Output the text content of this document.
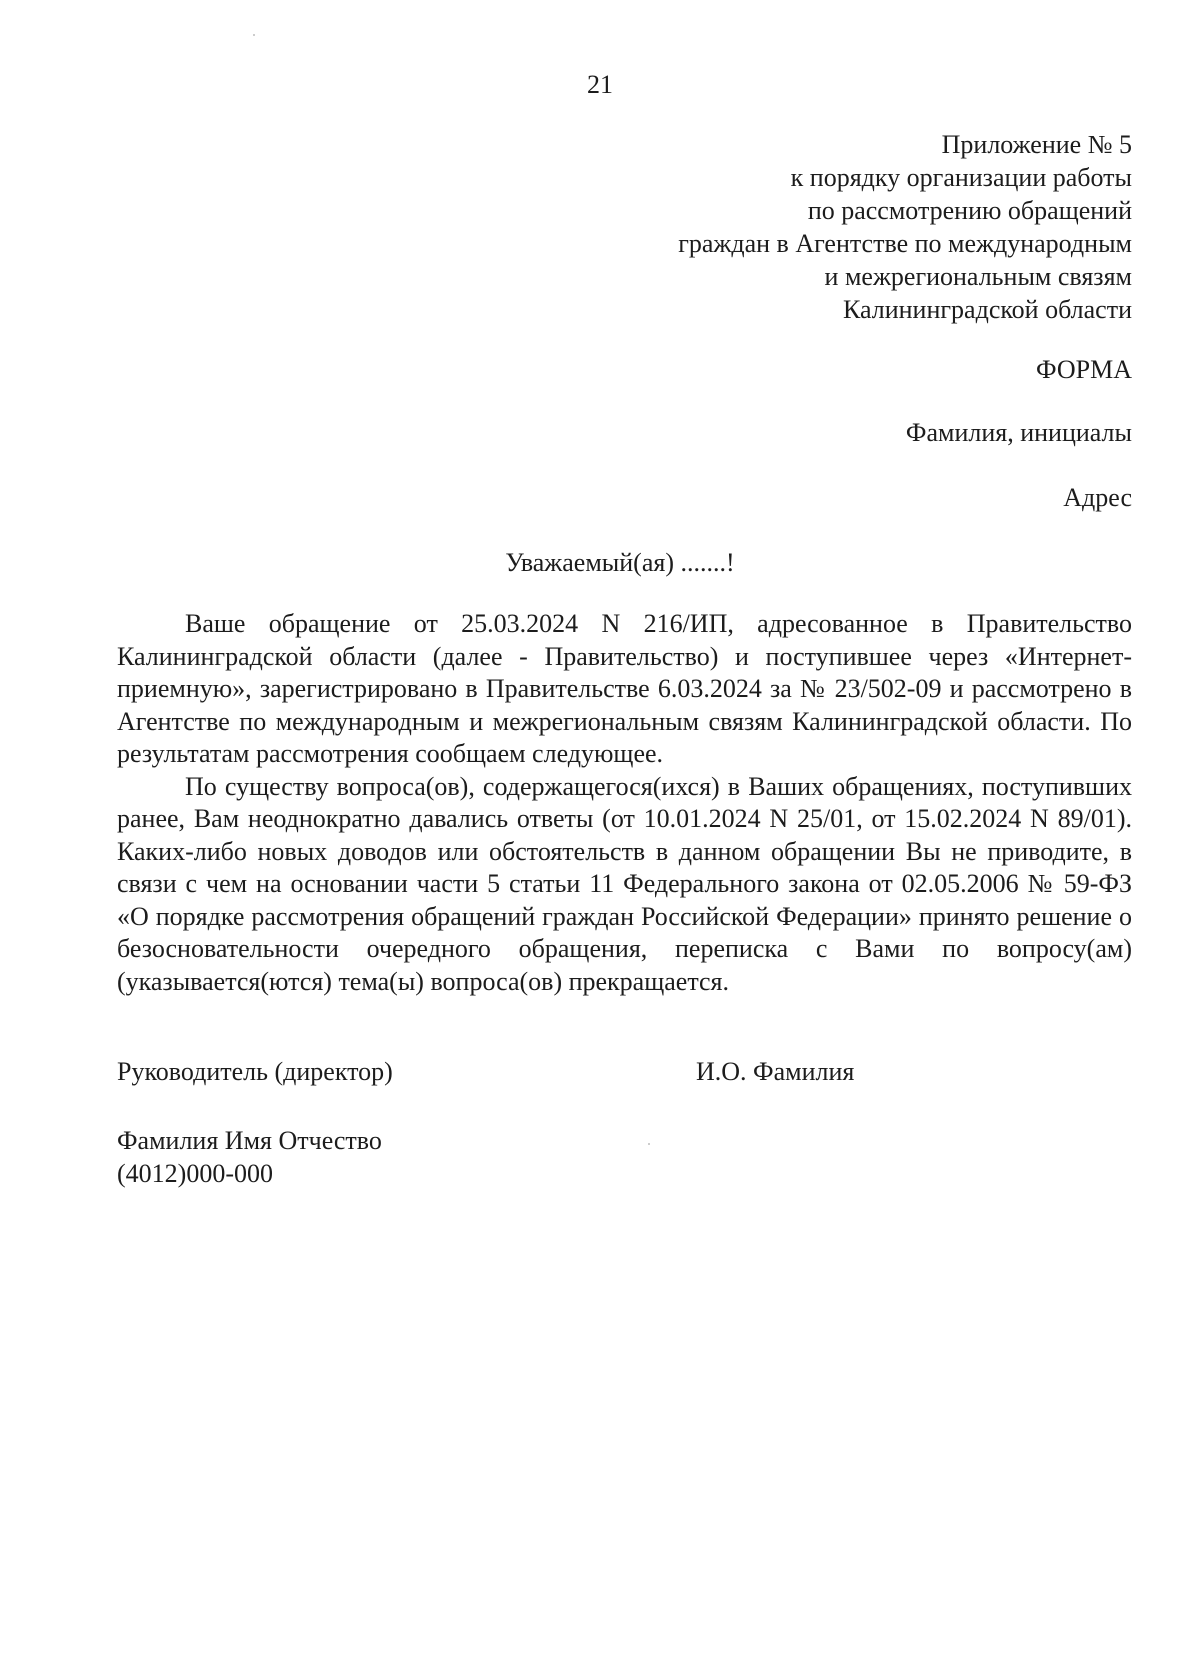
21
Приложение № 5
к порядку организации работы
по рассмотрению обращений
граждан в Агентстве по международным
и межрегиональным связям
Калининградской области
ФОРМА
Фамилия, инициалы
Адрес
Уважаемый(ая) .......!

Ваше обращение от 25.03.2024 N 216/ИП, адресованное в Правительство Калининградской области (далее - Правительство) и поступившее через «Интернет-приемную», зарегистрировано в Правительстве 6.03.2024 за № 23/502-09 и рассмотрено в Агентстве по международным и межрегиональным связям Калининградской области. По результатам рассмотрения сообщаем следующее.

По существу вопроса(ов), содержащегося(ихся) в Ваших обращениях, поступивших ранее, Вам неоднократно давались ответы (от 10.01.2024 N 25/01, от 15.02.2024 N 89/01). Каких-либо новых доводов или обстоятельств в данном обращении Вы не приводите, в связи с чем на основании части 5 статьи 11 Федерального закона от 02.05.2006 № 59-ФЗ «О порядке рассмотрения обращений граждан Российской Федерации» принято решение о безосновательности очередного обращения, переписка с Вами по вопросу(ам) (указывается(ются) тема(ы) вопроса(ов) прекращается.

Руководитель (директор)	И.О. Фамилия
Фамилия Имя Отчество
(4012)000-000
